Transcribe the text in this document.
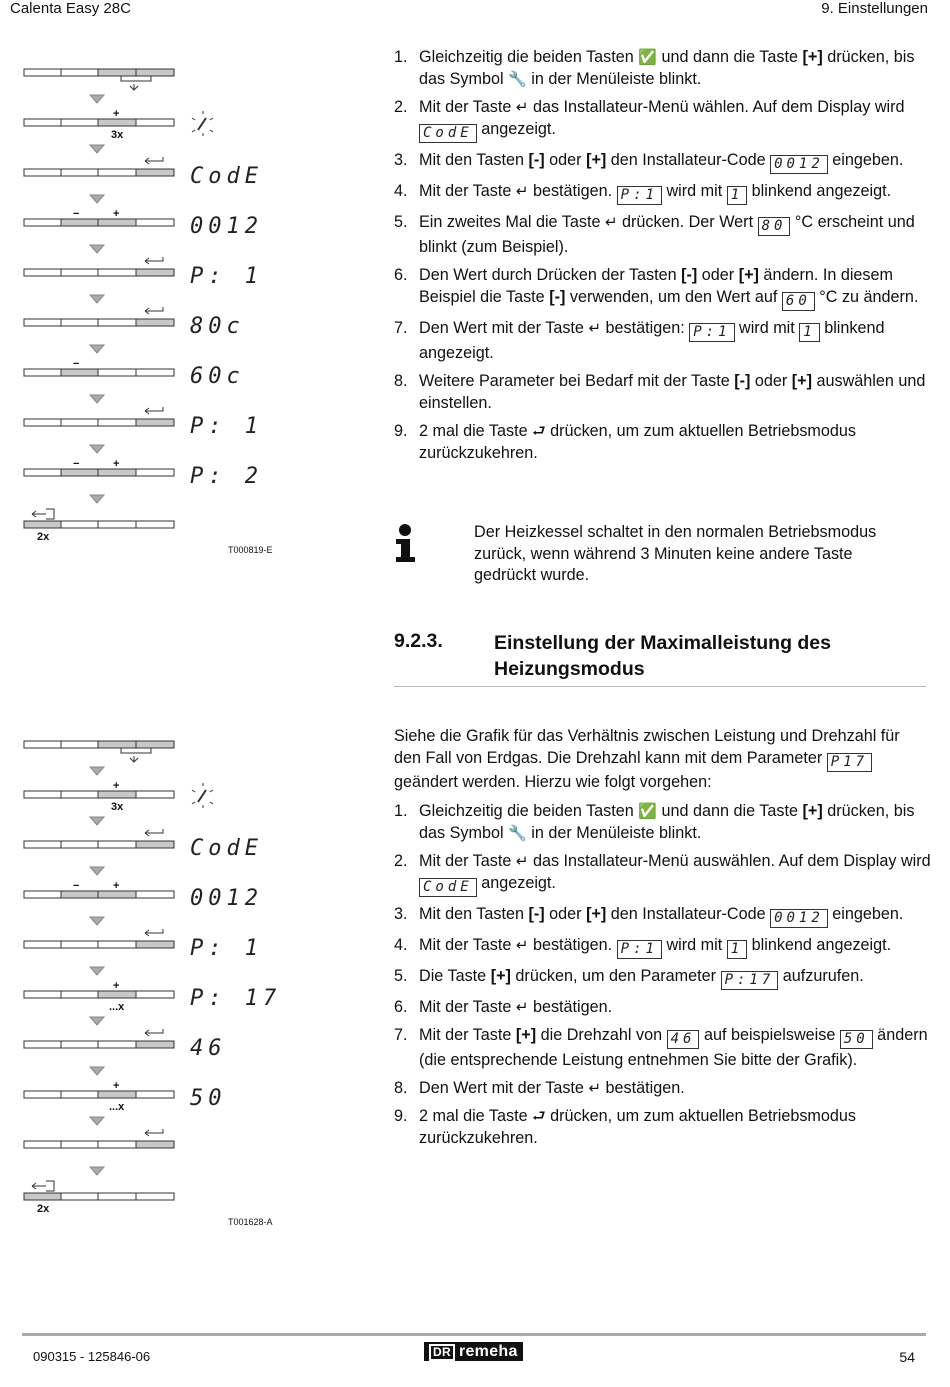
Calenta Easy 28C	9. Einstellungen
+
3x
−	+
−
−	+
2x
CodE
0012
P: 1
80c
60c
P: 1
P: 2
T000819-E
1. Gleichzeitig die beiden Tasten ✅ und dann die Taste [+] drücken, bis das Symbol 🔧 in der Menüleiste blinkt.
2. Mit der Taste ↵ das Installateur-Menü wählen. Auf dem Display wird CodE angezeigt.
3. Mit den Tasten [-] oder [+] den Installateur-Code 0012 eingeben.
4. Mit der Taste ↵ bestätigen. P:1 wird mit 1 blinkend angezeigt.
5. Ein zweites Mal die Taste ↵ drücken. Der Wert 80 °C erscheint und blinkt (zum Beispiel).
6. Den Wert durch Drücken der Tasten [-] oder [+] ändern. In diesem Beispiel die Taste [-] verwenden, um den Wert auf 60 °C zu ändern.
7. Den Wert mit der Taste ↵ bestätigen: P:1 wird mit 1 blinkend angezeigt.
8. Weitere Parameter bei Bedarf mit der Taste [-] oder [+] auswählen und einstellen.
9. 2 mal die Taste ⮐ drücken, um zum aktuellen Betriebsmodus zurückzukehren.
Der Heizkessel schaltet in den normalen Betriebsmodus zurück, wenn während 3 Minuten keine andere Taste gedrückt wurde.
9.2.3.	Einstellung der Maximalleistung des Heizungsmodus
Siehe die Grafik für das Verhältnis zwischen Leistung und Drehzahl für den Fall von Erdgas. Die Drehzahl kann mit dem Parameter P17 geändert werden. Hierzu wie folgt vorgehen:
+
3x
−	+
+
...x
+
...x
2x
CodE
0012
P: 1
P: 17
46
50
T001628-A
1. Gleichzeitig die beiden Tasten ✅ und dann die Taste [+] drücken, bis das Symbol 🔧 in der Menüleiste blinkt.
2. Mit der Taste ↵ das Installateur-Menü auswählen. Auf dem Display wird CodE angezeigt.
3. Mit den Tasten [-] oder [+] den Installateur-Code 0012 eingeben.
4. Mit der Taste ↵ bestätigen. P:1 wird mit 1 blinkend angezeigt.
5. Die Taste [+] drücken, um den Parameter P:17 aufzurufen.
6. Mit der Taste ↵ bestätigen.
7. Mit der Taste [+] die Drehzahl von 46 auf beispielsweise 50 ändern (die entsprechende Leistung entnehmen Sie bitte der Grafik).
8. Den Wert mit der Taste ↵ bestätigen.
9. 2 mal die Taste ⮐ drücken, um zum aktuellen Betriebsmodus zurückzukehren.
090315 - 125846-06	DR remeha	54
